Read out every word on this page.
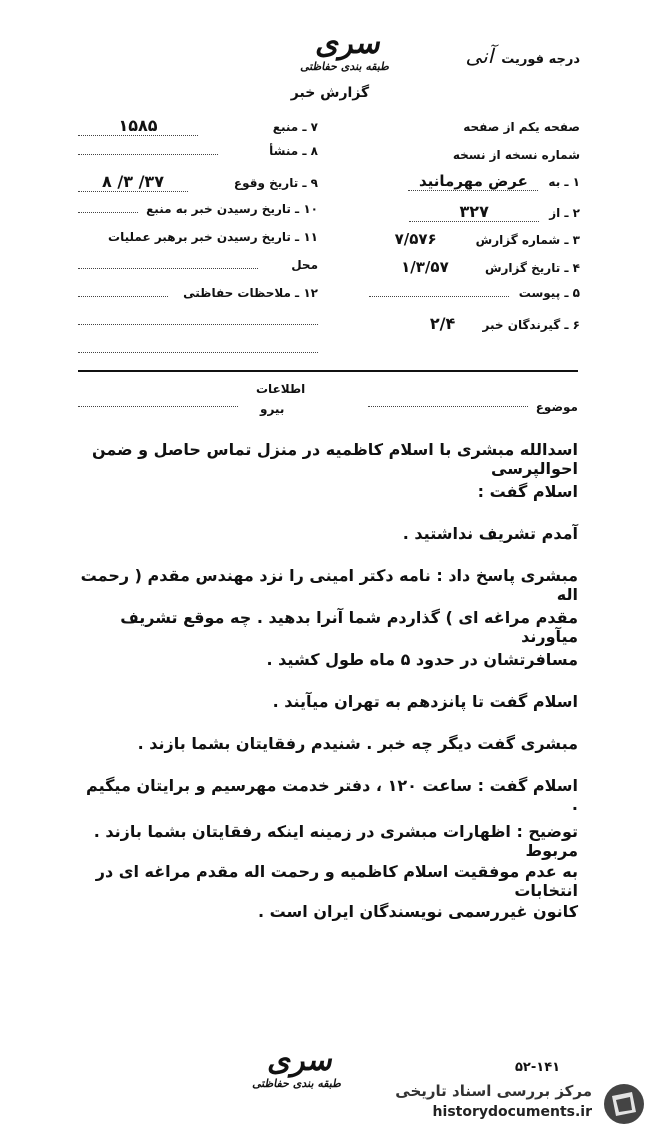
سری
طبقه بندی حفاظتی	درجه فوریت
آنی
گزارش خبر
۷ ـ منبع
۱۵۸۵
۸ ـ منشأ
۹ ـ تاریخ وقوع
۳۷/ ۳/ ۸
۱۰ ـ تاریخ رسیدن خبر به منبع
۱۱ ـ تاریخ رسیدن خبر برهبر عملیات
محل
۱۲ ـ ملاحظات حفاظتی
صفحه یکم از صفحه
شماره نسخه از نسخه
۱ ـ به
عرض مهرمانید
۲ ـ از
۳۲۷
۳ ـ شماره گزارش
۷/۵۷۶
۴ ـ تاریخ گزارش
۱/۳/۵۷
۵ ـ پیوست
۶ ـ گیرندگان خبر
۲/۴
اطلاعات
بیرو	موضوع
اسدالله مبشری با اسلام کاظمیه در منزل تماس حاصل و ضمن احوالپرسی
اسلام گفت :
آمدم تشریف نداشتید .
مبشری پاسخ داد : نامه دکتر امینی را نزد مهندس مقدم ( رحمت اله
مقدم مراغه ای ) گذاردم شما آنرا بدهید . چه موقع تشریف میآورند
مسافرتشان در حدود ۵ ماه طول کشید .
اسلام گفت تا پانزدهم به تهران میآیند .
مبشری گفت دیگر چه خبر . شنیدم رفقایتان بشما بازند .
اسلام گفت : ساعت ۱۲۰ ، دفتر خدمت مهرسیم و برایتان میگیم .
توضیح : اظهارات مبشری در زمینه اینکه رفقایتان بشما بازند . مربوط
به عدم موفقیت اسلام کاظمیه و رحمت اله مقدم مراغه ای در انتخابات
کانون غیررسمی نویسندگان ایران است .
سری
طبقه بندی حفاظتی
۵۲-۱۴۱
مرکز بررسی اسناد تاریخی
historydocuments.ir
